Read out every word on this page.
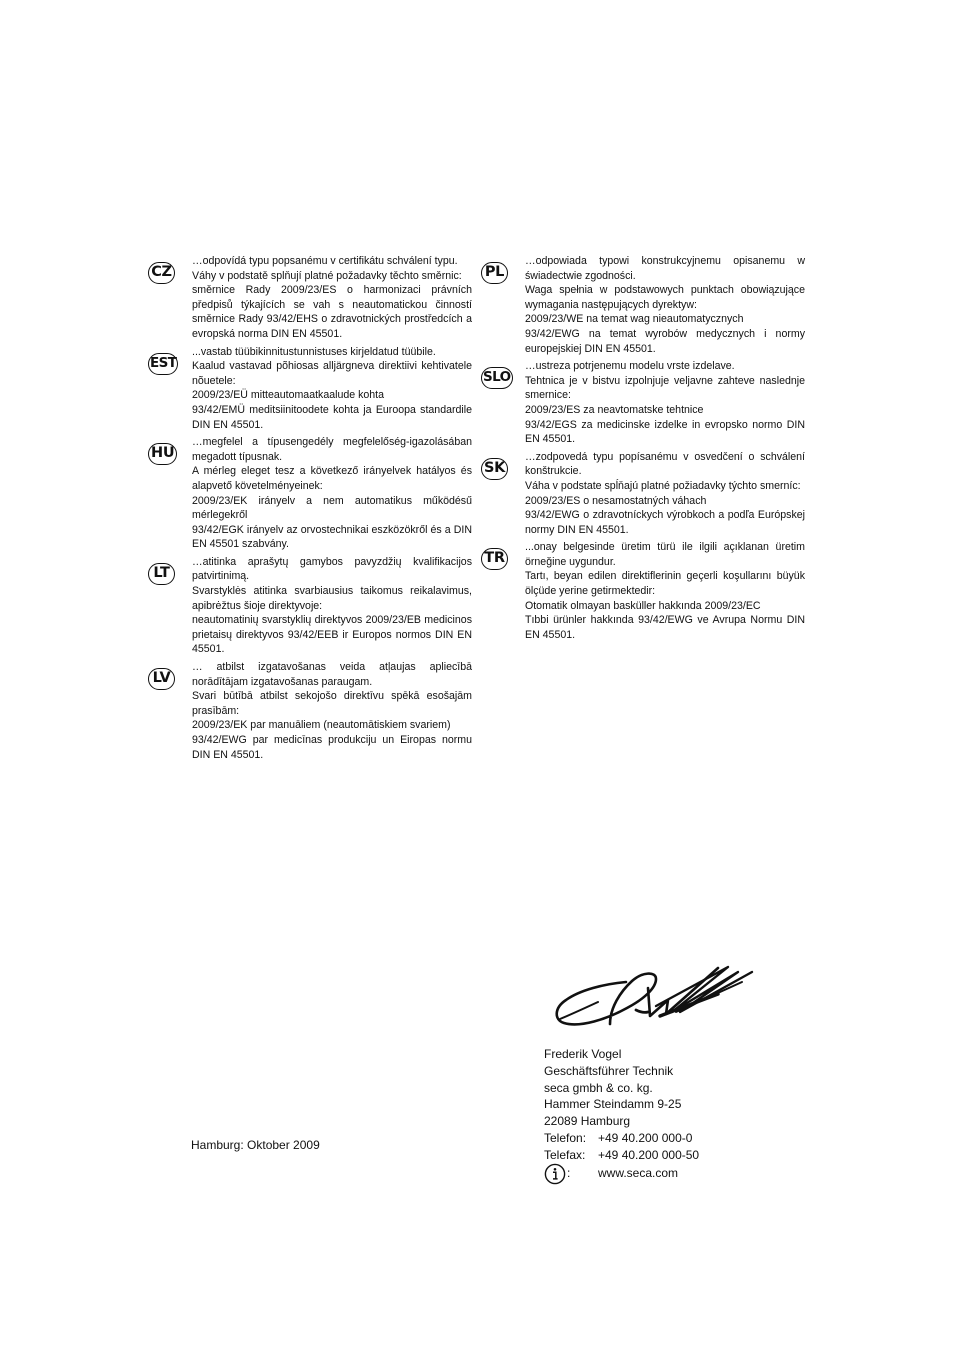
CZ

…odpovídá typu popsanému v certifikátu schválení typu.

Váhy v podstatě splňují platné požadavky těchto směrnic:

směrnice Rady 2009/23/ES o harmonizaci právních předpisů týkajících se vah s neautomatickou činností směrnice Rady 93/42/EHS o zdravotnických prostředcích a evropská norma DIN EN 45501.

EST

...vastab tüübikinnitustunnistuses kirjeldatud tüübile.

Kaalud vastavad põhiosas alljärgneva direktiivi kehtivatele nõuetele:

2009/23/EÜ mitteautomaatkaalude kohta

93/42/EMÜ meditsiinitoodete kohta ja Euroopa standardile DIN EN 45501.

HU

…megfelel a típusengedély megfelelőség-igazolásában megadott típusnak.

A mérleg eleget tesz a következő irányelvek hatályos és alapvető követelményeinek:

2009/23/EK irányelv a nem automatikus működésű mérlegekről

93/42/EGK irányelv az orvostechnikai eszközökről és a DIN EN 45501 szabvány.

LT

…atitinka aprašytų gamybos pavyzdžių kvalifikacijos patvirtinimą.

Svarstyklės atitinka svarbiausius taikomus reikalavimus, apibrėžtus šioje direktyvoje:

neautomatinių svarstyklių direktyvos 2009/23/EB medicinos prietaisų direktyvos 93/42/EEB ir Europos normos DIN EN 45501.

LV

… atbilst izgatavošanas veida atļaujas apliecībā norādītājam izgatavošanas paraugam.

Svari būtībā atbilst sekojošo direktīvu spēkā esošajām prasībām:

2009/23/EK par manuāliem (neautomātiskiem svariem)

93/42/EWG par medicīnas produkciju un Eiropas normu DIN EN 45501.

PL

…odpowiada typowi konstrukcyjnemu opisanemu w świadectwie zgodności.

Waga spełnia w podstawowych punktach obowiązujące wymagania następujących dyrektyw:

2009/23/WE na temat wag nieautomatycznych

93/42/EWG na temat wyrobów medycznych i normy europejskiej DIN EN 45501.

SLO

…ustreza potrjenemu modelu vrste izdelave.

Tehtnica je v bistvu izpolnjuje veljavne zahteve naslednje smernice:

2009/23/ES za neavtomatske tehtnice

93/42/EGS za medicinske izdelke in evropsko normo DIN EN 45501.

SK

…zodpovedá typu popísanému v osvedčení o schválení konštrukcie.

Váha v podstate spĺňajú platné požiadavky týchto smerníc:

2009/23/ES o nesamostatných váhach

93/42/EWG o zdravotníckych výrobkoch a podľa Európskej normy DIN EN 45501.

TR

...onay belgesinde üretim türü ile ilgili açıklanan üretim örneğine uygundur.

Tartı, beyan edilen direktiflerinin geçerli koşullarını büyük ölçüde yerine getirmektedir:

Otomatik olmayan basküller hakkında 2009/23/EC

Tıbbi ürünler hakkında 93/42/EWG ve Avrupa Normu DIN EN 45501.

Hamburg: Oktober 2009
Frederik Vogel
Geschäftsführer Technik
seca gmbh & co. kg.
Hammer Steindamm 9-25
22089 Hamburg
Telefon: +49 40.200 000-0
Telefax: +49 40.200 000-50
:	www.seca.com
